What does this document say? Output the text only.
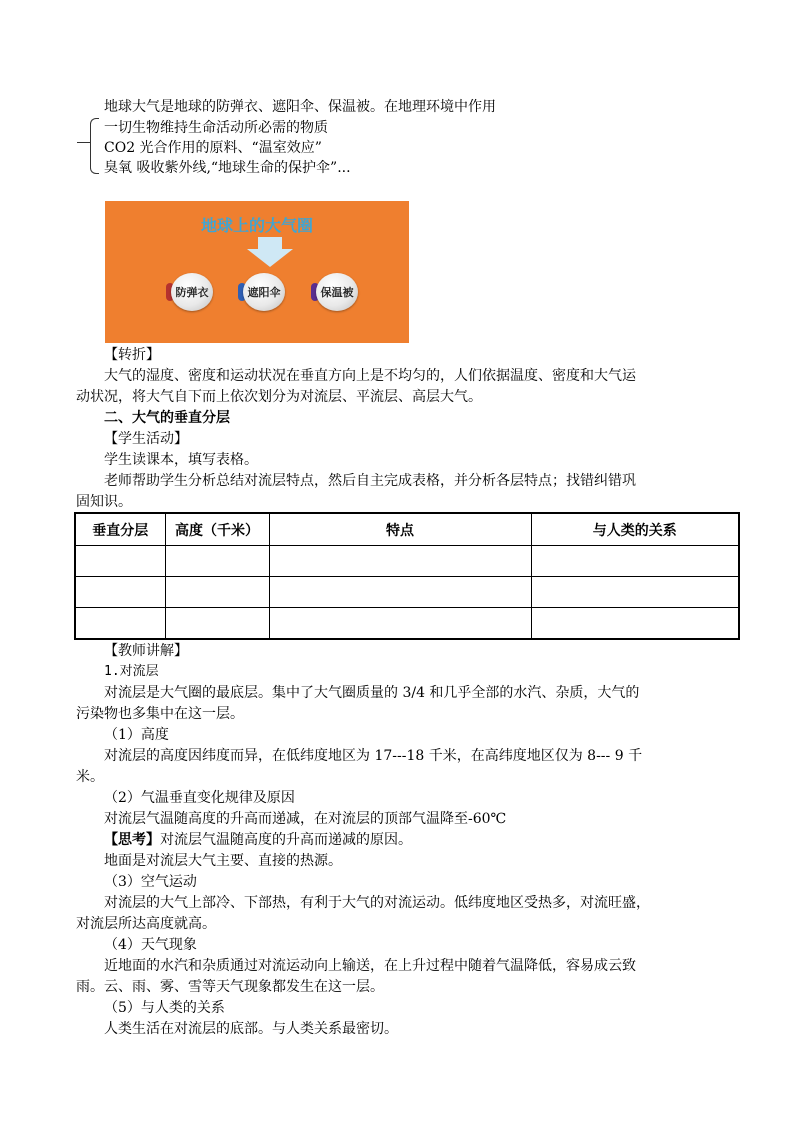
地球大气是地球的防弹衣、遮阳伞、保温被。在地理环境中作用
一切生物维持生命活动所必需的物质
CO2 光合作用的原料、“温室效应”
臭氧 吸收紫外线,“地球生命的保护伞”...
地球上的大气圈
防弹衣	遮阳伞	保温被
【转折】
大气的湿度、密度和运动状况在垂直方向上是不均匀的，人们依据温度、密度和大气运
动状况，将大气自下而上依次划分为对流层、平流层、高层大气。
二、大气的垂直分层
【学生活动】
学生读课本，填写表格。
老师帮助学生分析总结对流层特点，然后自主完成表格，并分析各层特点；找错纠错巩
固知识。
垂直分层	高度（千米）	特点	与人类的关系

【教师讲解】
1.对流层
对流层是大气圈的最底层。集中了大气圈质量的 3/4 和几乎全部的水汽、杂质，大气的
污染物也多集中在这一层。
（1）高度
对流层的高度因纬度而异，在低纬度地区为 17---18 千米，在高纬度地区仅为 8--- 9 千
米。
（2）气温垂直变化规律及原因
对流层气温随高度的升高而递减，在对流层的顶部气温降至-60℃
【思考】对流层气温随高度的升高而递减的原因。
地面是对流层大气主要、直接的热源。
（3）空气运动
对流层的大气上部冷、下部热，有利于大气的对流运动。低纬度地区受热多，对流旺盛，
对流层所达高度就高。
（4）天气现象
近地面的水汽和杂质通过对流运动向上输送，在上升过程中随着气温降低，容易成云致
雨。云、雨、雾、雪等天气现象都发生在这一层。
（5）与人类的关系
人类生活在对流层的底部。与人类关系最密切。
